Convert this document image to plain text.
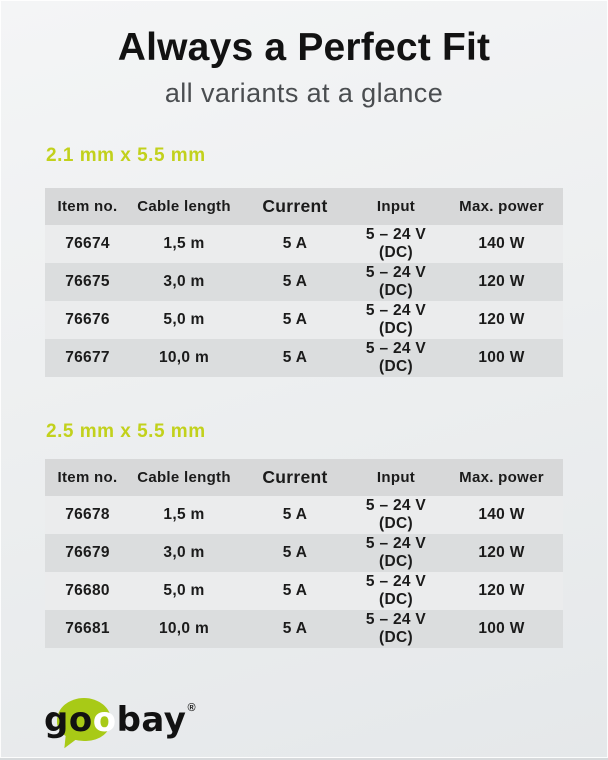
Always a Perfect Fit
all variants at a glance
2.1 mm x 5.5 mm
Item no.	Cable length	Current	Input	Max. power
76674	1,5 m	5 A	5 – 24 V (DC)	140 W
76675	3,0 m	5 A	5 – 24 V (DC)	120 W
76676	5,0 m	5 A	5 – 24 V (DC)	120 W
76677	10,0 m	5 A	5 – 24 V (DC)	100 W
2.5 mm x 5.5 mm
Item no.	Cable length	Current	Input	Max. power
76678	1,5 m	5 A	5 – 24 V (DC)	140 W
76679	3,0 m	5 A	5 – 24 V (DC)	120 W
76680	5,0 m	5 A	5 – 24 V (DC)	120 W
76681	10,0 m	5 A	5 – 24 V (DC)	100 W
goobay®
